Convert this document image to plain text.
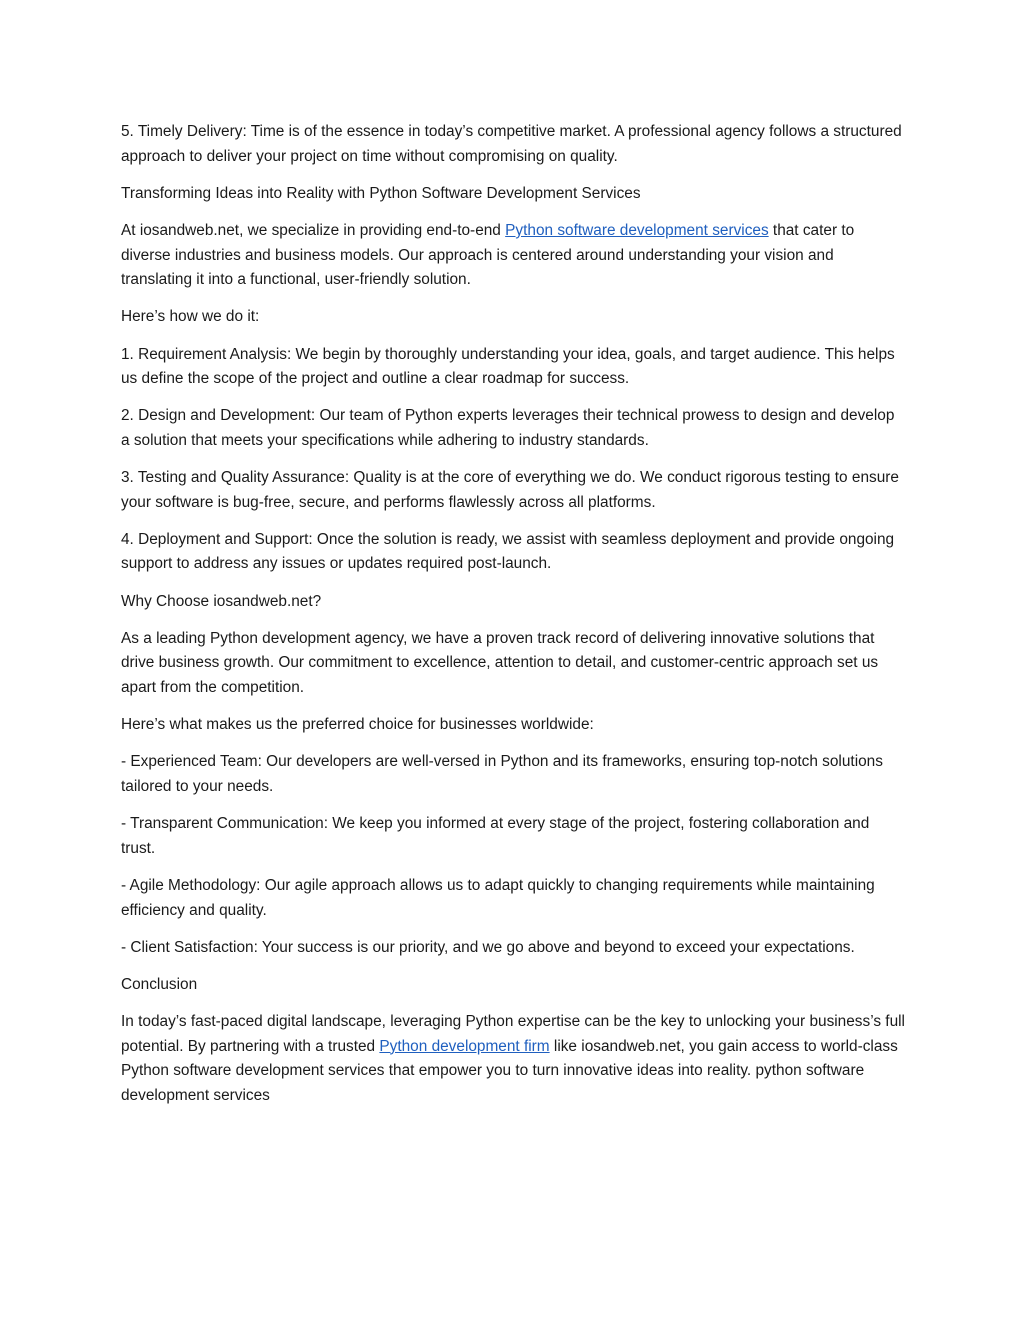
5. Timely Delivery: Time is of the essence in today’s competitive market. A professional agency follows a structured approach to deliver your project on time without compromising on quality.

Transforming Ideas into Reality with Python Software Development Services

At iosandweb.net, we specialize in providing end-to-end Python software development services that cater to diverse industries and business models. Our approach is centered around understanding your vision and translating it into a functional, user-friendly solution.

Here’s how we do it:

1. Requirement Analysis: We begin by thoroughly understanding your idea, goals, and target audience. This helps us define the scope of the project and outline a clear roadmap for success.

2. Design and Development: Our team of Python experts leverages their technical prowess to design and develop a solution that meets your specifications while adhering to industry standards.

3. Testing and Quality Assurance: Quality is at the core of everything we do. We conduct rigorous testing to ensure your software is bug-free, secure, and performs flawlessly across all platforms.

4. Deployment and Support: Once the solution is ready, we assist with seamless deployment and provide ongoing support to address any issues or updates required post-launch.

Why Choose iosandweb.net?

As a leading Python development agency, we have a proven track record of delivering innovative solutions that drive business growth. Our commitment to excellence, attention to detail, and customer-centric approach set us apart from the competition.

Here’s what makes us the preferred choice for businesses worldwide:

- Experienced Team: Our developers are well-versed in Python and its frameworks, ensuring top-notch solutions tailored to your needs.

- Transparent Communication: We keep you informed at every stage of the project, fostering collaboration and trust.

- Agile Methodology: Our agile approach allows us to adapt quickly to changing requirements while maintaining efficiency and quality.

- Client Satisfaction: Your success is our priority, and we go above and beyond to exceed your expectations.

Conclusion

In today’s fast-paced digital landscape, leveraging Python expertise can be the key to unlocking your business’s full potential. By partnering with a trusted Python development firm like iosandweb.net, you gain access to world-class Python software development services that empower you to turn innovative ideas into reality. python software development services
